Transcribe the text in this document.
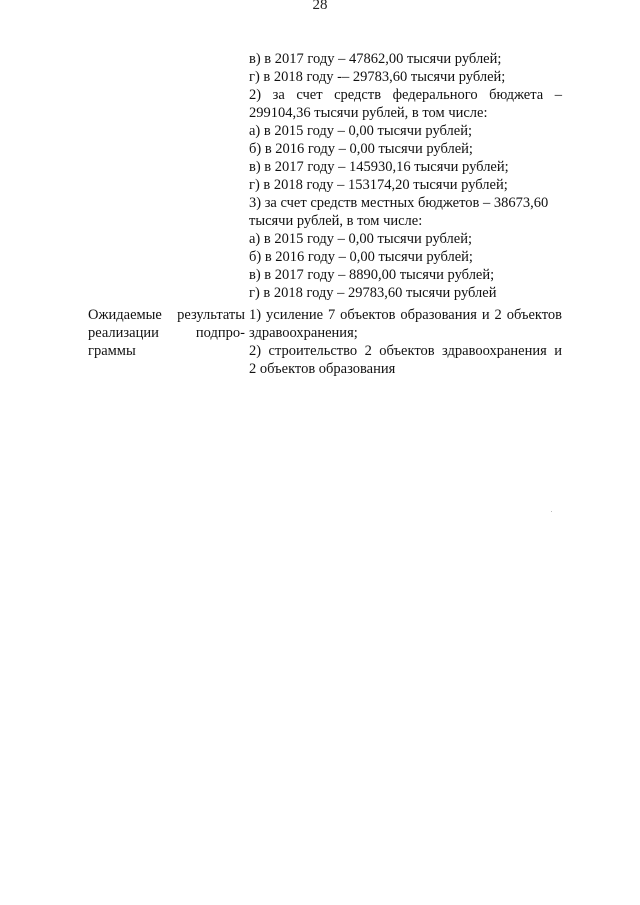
28
в) в 2017 году – 47862,00 тысячи рублей;
г) в 2018 году -– 29783,60 тысячи рублей;
2) за счет средств федерального бюджета –
299104,36 тысячи рублей, в том числе:
а) в 2015 году – 0,00 тысячи рублей;
б) в 2016 году – 0,00 тысячи рублей;
в) в 2017 году – 145930,16 тысячи рублей;
г) в 2018 году – 153174,20 тысячи рублей;
3) за счет средств местных бюджетов – 38673,60
тысячи рублей, в том числе:
а) в 2015 году – 0,00 тысячи рублей;
б) в 2016 году – 0,00 тысячи рублей;
в) в 2017 году – 8890,00 тысячи рублей;
г) в 2018 году – 29783,60 тысячи рублей
Ожидаемые результаты
реализации подпро-
граммы
1) усиление 7 объектов образования и 2 объектов
здравоохранения;
2) строительство 2 объектов здравоохранения и
2 объектов образования
